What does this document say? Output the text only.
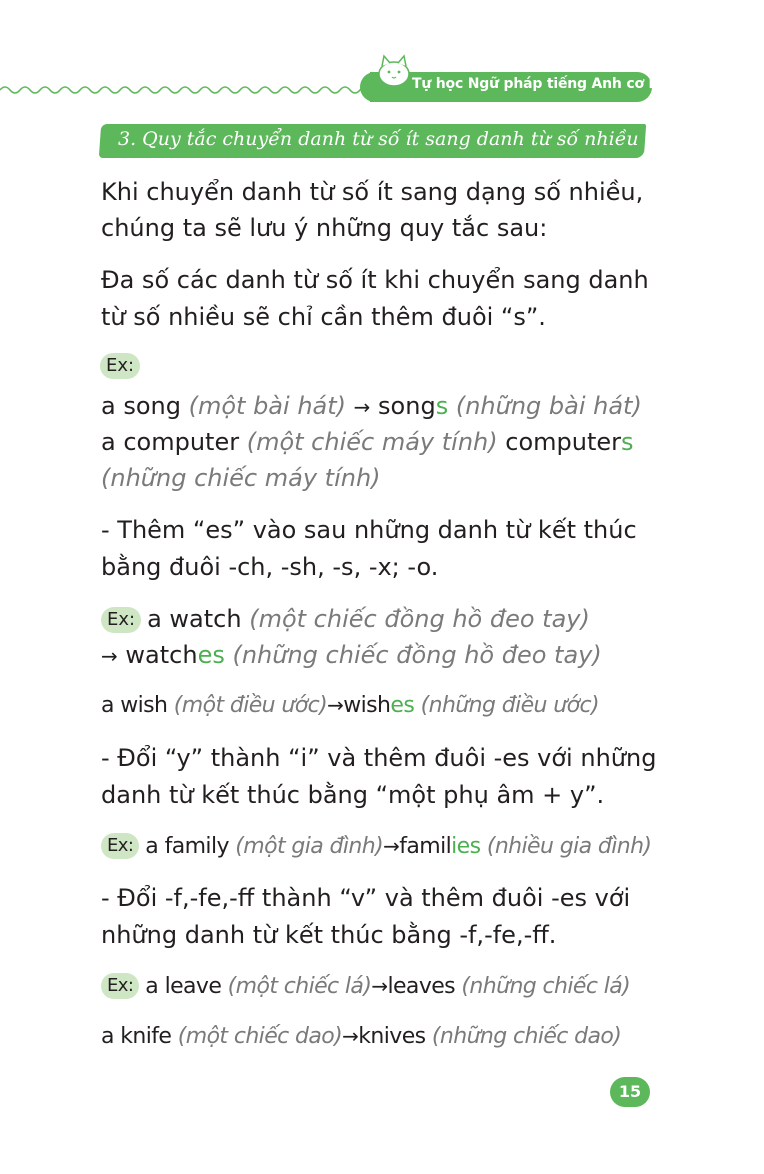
Tự học Ngữ pháp tiếng Anh cơ bản
3. Quy tắc chuyển danh từ số ít sang danh từ số nhiều
Khi chuyển danh từ số ít sang dạng số nhiều,
chúng ta sẽ lưu ý những quy tắc sau:
Đa số các danh từ số ít khi chuyển sang danh
từ số nhiều sẽ chỉ cần thêm đuôi “s”.
Ex:
a song (một bài hát) → songs (những bài hát)
a computer (một chiếc máy tính) computers
(những chiếc máy tính)
- Thêm “es” vào sau những danh từ kết thúc
bằng đuôi -ch, -sh, -s, -x; -o.
Ex: a watch (một chiếc đồng hồ đeo tay)
→ watches (những chiếc đồng hồ đeo tay)
a wish (một điều ước)→wishes (những điều ước)
- Đổi “y” thành “i” và thêm đuôi -es với những
danh từ kết thúc bằng “một phụ âm + y”.
Ex: a family (một gia đình)→families (nhiều gia đình)
- Đổi -f,-fe,-ff thành “v” và thêm đuôi -es với
những danh từ kết thúc bằng -f,-fe,-ff.
Ex: a leave (một chiếc lá)→leaves (những chiếc lá)
a knife (một chiếc dao)→knives (những chiếc dao)
15
